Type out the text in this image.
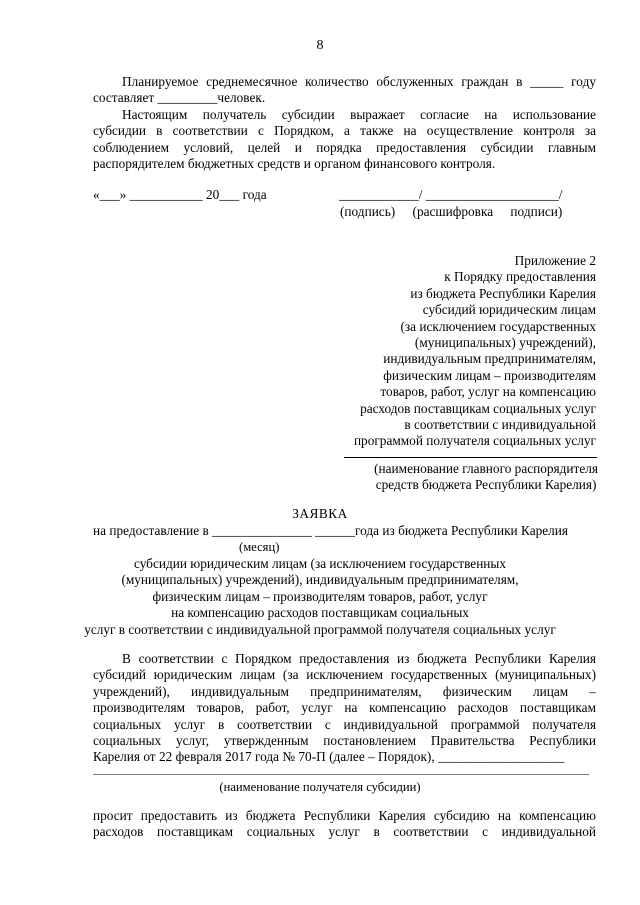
8

Планируемое среднемесячное количество обслуженных граждан в _____ году
составляет _________человек.
Настоящим получатель субсидии выражает согласие на использование
субсидии в соответствии с Порядком, а также на осуществление контроля за
соблюдением условий, целей и порядка предоставления субсидии главным
распорядителем бюджетных средств и органом финансового контроля.

«___» ___________ 20___ года	____________/ ____________________/

(подпись) (расшифровка подписи)

Приложение 2
к Порядку предоставления
из бюджета Республики Карелия
субсидий юридическим лицам
(за исключением государственных
(муниципальных) учреждений),
индивидуальным предпринимателям,
физическим лицам – производителям
товаров, работ, услуг на компенсацию
расходов поставщикам социальных услуг
в соответствии с индивидуальной
программой получателя социальных услуг
(наименование главного распорядителя
средств бюджета Республики Карелия)

ЗАЯВКА

на предоставление в _______________ ______года из бюджета Республики Карелия

(месяц)

субсидии юридическим лицам (за исключением государственных
(муниципальных) учреждений), индивидуальным предпринимателям,
физическим лицам – производителям товаров, работ, услуг
на компенсацию расходов поставщикам социальных
услуг в соответствии с индивидуальной программой получателя социальных услуг
В соответствии с Порядком предоставления из бюджета Республики Карелия
субсидий юридическим лицам (за исключением государственных (муниципальных)
учреждений), индивидуальным предпринимателям, физическим лицам –
производителям товаров, работ, услуг на компенсацию расходов поставщикам
социальных услуг в соответствии с индивидуальной программой получателя
социальных услуг, утвержденным постановлением Правительства Республики
Карелия от 22 февраля 2017 года № 70-П (далее – Порядок), ___________________

(наименование получателя субсидии)

просит предоставить из бюджета Республики Карелия субсидию на компенсацию
расходов поставщикам социальных услуг в соответствии с индивидуальной
